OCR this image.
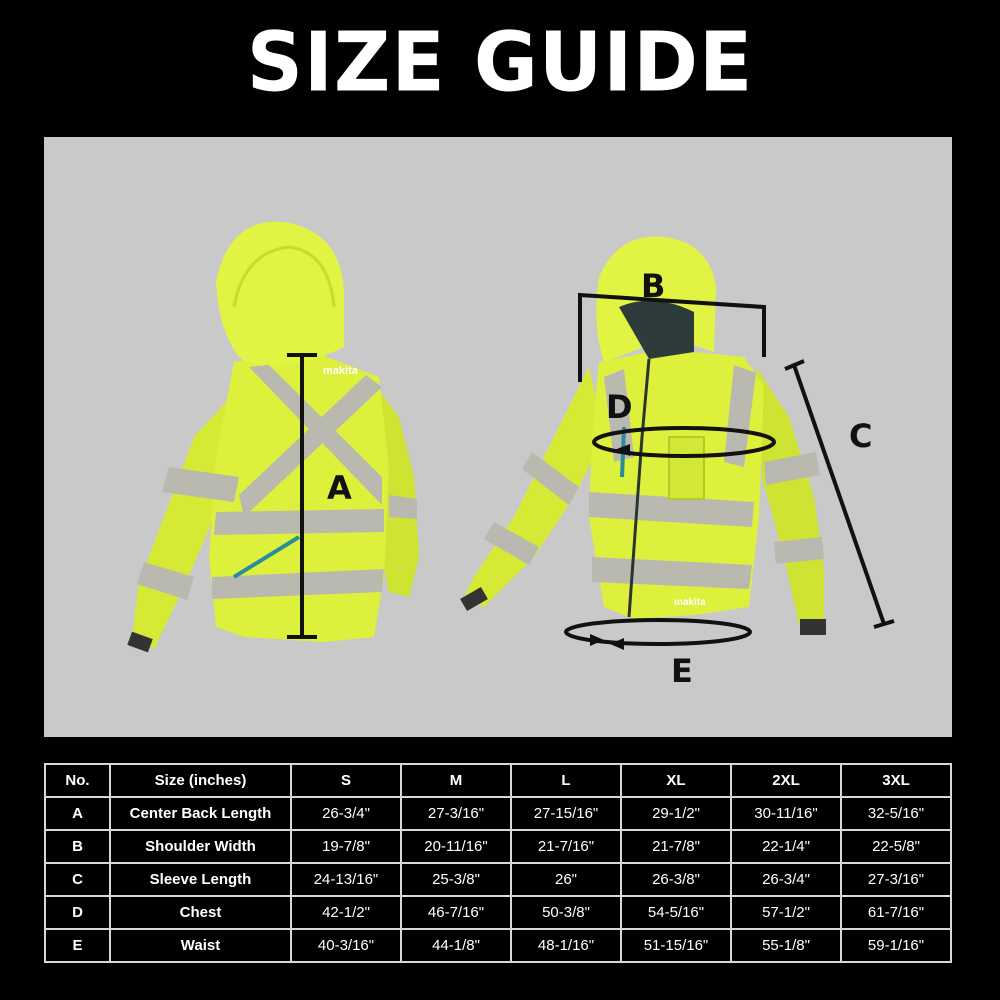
SIZE GUIDE
makita
A
makita
B
C
D
E
No.	Size (inches)	S	M	L	XL	2XL	3XL
A	Center Back Length	26-3/4"	27-3/16"	27-15/16"	29-1/2"	30-11/16"	32-5/16"
B	Shoulder Width	19-7/8"	20-11/16"	21-7/16"	21-7/8"	22-1/4"	22-5/8"
C	Sleeve Length	24-13/16"	25-3/8"	26"	26-3/8"	26-3/4"	27-3/16"
D	Chest	42-1/2"	46-7/16"	50-3/8"	54-5/16"	57-1/2"	61-7/16"
E	Waist	40-3/16"	44-1/8"	48-1/16"	51-15/16"	55-1/8"	59-1/16"
